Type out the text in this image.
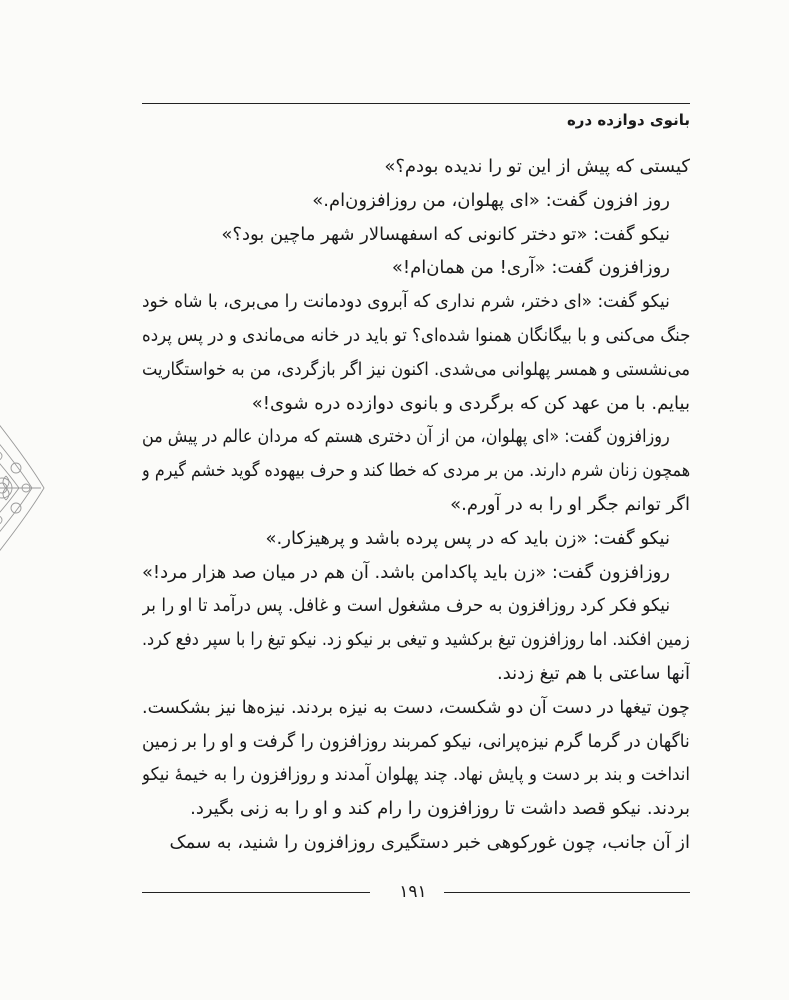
بانوی دوازده دره
کیستی که پیش از این تو را ندیده بودم؟»
روز افزون گفت: «ای پهلوان، من روزافزون‌ام.»
نیکو گفت: «تو دختر کانونی که اسفهسالار شهر ماچین بود؟»
روزافزون گفت: «آری! من همان‌ام!»
نیکو گفت: «ای دختر، شرم نداری که آبروی دودمانت را می‌بری، با شاه خود
جنگ می‌کنی و با بیگانگان همنوا شده‌ای؟ تو باید در خانه می‌ماندی و در پس پرده
می‌نشستی و همسر پهلوانی می‌شدی. اکنون نیز اگر بازگردی، من به خواستگاریت
بیایم. با من عهد کن که برگردی و بانوی دوازده دره شوی!»
روزافزون گفت: «ای پهلوان، من از آن دختری هستم که مردان عالم در پیش من
همچون زنان شرم دارند. من بر مردی که خطا کند و حرف بیهوده گوید خشم گیرم و
اگر توانم جگر او را به در آورم.»
نیکو گفت: «زن باید که در پس پرده باشد و پرهیزکار.»
روزافزون گفت: «زن باید پاکدامن باشد. آن هم در میان صد هزار مرد!»
نیکو فکر کرد روزافزون به حرف مشغول است و غافل. پس درآمد تا او را بر
زمین افکند. اما روزافزون تیغ برکشید و تیغی بر نیکو زد. نیکو تیغ را با سپر دفع کرد.
آنها ساعتی با هم تیغ زدند.
چون تیغها در دست آن دو شکست، دست به نیزه بردند. نیزه‌ها نیز بشکست.
ناگهان در گرما گرم نیزه‌پرانی، نیکو کمربند روزافزون را گرفت و او را بر زمین
انداخت و بند بر دست و پایش نهاد. چند پهلوان آمدند و روزافزون را به خیمهٔ نیکو
بردند. نیکو قصد داشت تا روزافزون را رام کند و او را به زنی بگیرد.
از آن جانب، چون غورکوهی خبر دستگیری روزافزون را شنید، به سمک
۱۹۱
